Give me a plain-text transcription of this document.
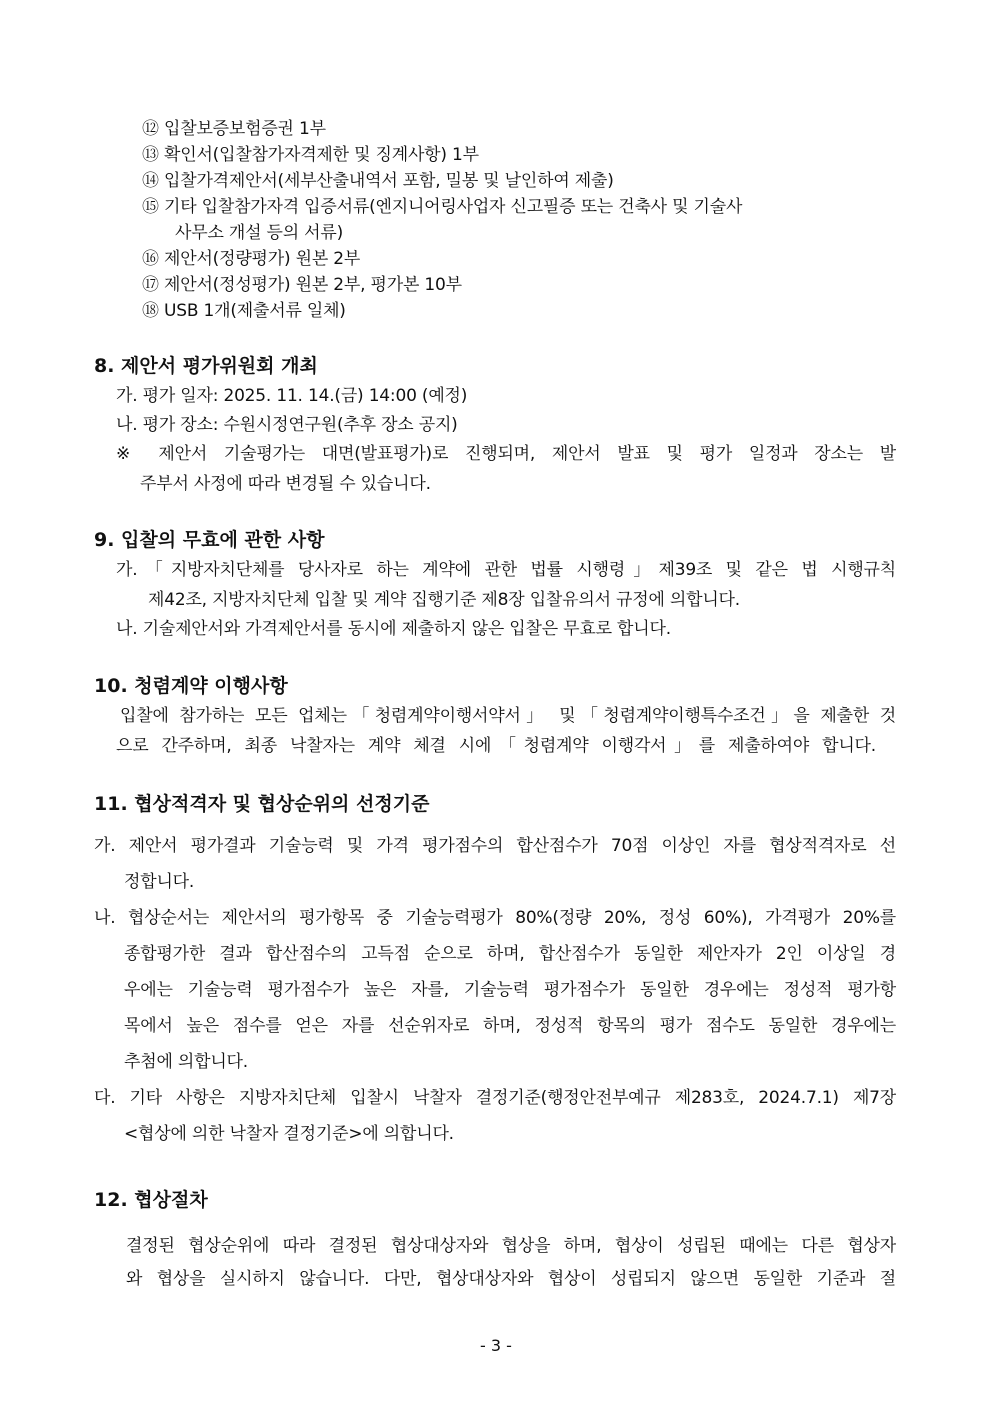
⑫ 입찰보증보험증권 1부
⑬ 확인서(입찰참가자격제한 및 징계사항) 1부
⑭ 입찰가격제안서(세부산출내역서 포함, 밀봉 및 날인하여 제출)
⑮ 기타 입찰참가자격 입증서류(엔지니어링사업자 신고필증 또는 건축사 및 기술사
사무소 개설 등의 서류)
⑯ 제안서(정량평가) 원본 2부
⑰ 제안서(정성평가) 원본 2부, 평가본 10부
⑱ USB 1개(제출서류 일체)
8. 제안서 평가위원회 개최
가. 평가 일자: 2025. 11. 14.(금) 14:00 (예정)
나. 평가 장소: 수원시정연구원(추후 장소 공지)
※ 제안서 기술평가는 대면(발표평가)로 진행되며, 제안서 발표 및 평가 일정과 장소는 발
주부서 사정에 따라 변경될 수 있습니다.
9. 입찰의 무효에 관한 사항
가.「지방자치단체를 당사자로 하는 계약에 관한 법률 시행령」제39조 및 같은 법 시행규칙
제42조, 지방자치단체 입찰 및 계약 집행기준 제8장 입찰유의서 규정에 의합니다.
나. 기술제안서와 가격제안서를 동시에 제출하지 않은 입찰은 무효로 합니다.
10. 청렴계약 이행사항
입찰에 참가하는 모든 업체는「청렴계약이행서약서」 및「청렴계약이행특수조건」을 제출한 것
으로 간주하며, 최종 낙찰자는 계약 체결 시에「청렴계약 이행각서」를 제출하여야 합니다.
11. 협상적격자 및 협상순위의 선정기준
가. 제안서 평가결과 기술능력 및 가격 평가점수의 합산점수가 70점 이상인 자를 협상적격자로 선
정합니다.
나. 협상순서는 제안서의 평가항목 중 기술능력평가 80%(정량 20%, 정성 60%), 가격평가 20%를
종합평가한 결과 합산점수의 고득점 순으로 하며, 합산점수가 동일한 제안자가 2인 이상일 경
우에는 기술능력 평가점수가 높은 자를, 기술능력 평가점수가 동일한 경우에는 정성적 평가항
목에서 높은 점수를 얻은 자를 선순위자로 하며, 정성적 항목의 평가 점수도 동일한 경우에는
추첨에 의합니다.
다. 기타 사항은 지방자치단체 입찰시 낙찰자 결정기준(행정안전부예규 제283호, 2024.7.1) 제7장
<협상에 의한 낙찰자 결정기준>에 의합니다.
12. 협상절차
결정된 협상순위에 따라 결정된 협상대상자와 협상을 하며, 협상이 성립된 때에는 다른 협상자
와 협상을 실시하지 않습니다. 다만, 협상대상자와 협상이 성립되지 않으면 동일한 기준과 절
- 3 -
